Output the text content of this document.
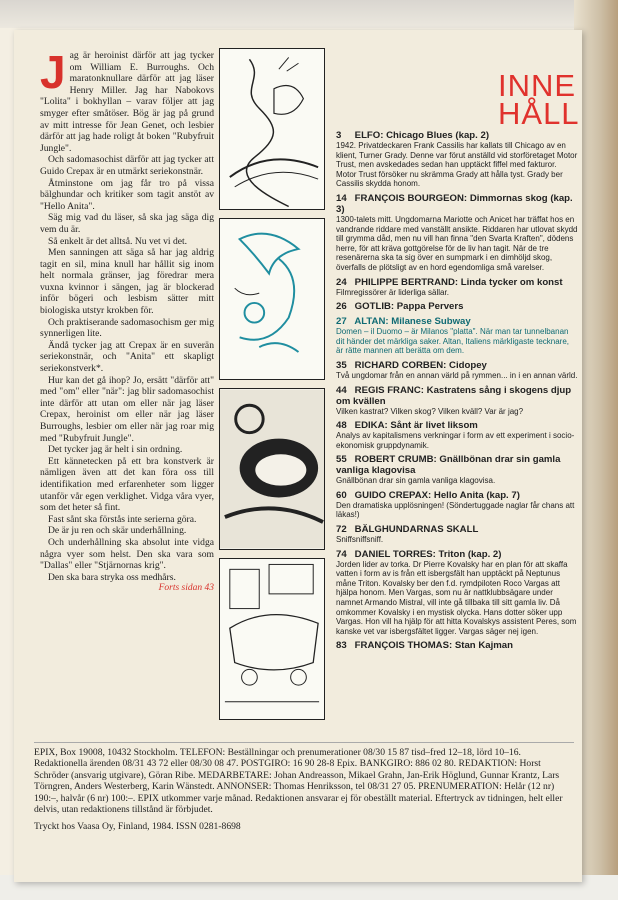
Jag är heroinist därför att jag tycker om William E. Burroughs. Och maratonknullare därför att jag läser Henry Miller. Jag har Nabokovs "Lolita" i bokhyllan – varav följer att jag smyger efter småtöser. Bög är jag på grund av mitt intresse för Jean Genet, och lesbier därför att jag hade roligt åt boken "Rubyfruit Jungle".

Och sadomasochist därför att jag tycker att Guido Crepax är en utmärkt seriekonstnär.

Åtminstone om jag får tro på vissa bälghundar och kritiker som tagit anstöt av "Hello Anita".

Säg mig vad du läser, så ska jag säga dig vem du är.

Så enkelt är det alltså. Nu vet vi det.

Men sanningen att säga så har jag aldrig tagit en sil, mina knull har hållit sig inom helt normala gränser, jag föredrar mera vuxna kvinnor i sängen, jag är blockerad inför bögeri och lesbism sätter mitt biologiska utstyr krokben för.

Och praktiserande sadomasochism ger mig synnerligen lite.

Ändå tycker jag att Crepax är en suverän seriekonstnär, och "Anita" ett skapligt seriekonstverk*.

Hur kan det gå ihop? Jo, ersätt "därför att" med "om" eller "när": jag blir sadomasochist inte därför att utan om eller när jag läser Crepax, heroinist om eller när jag läser Burroughs, lesbier om eller när jag roar mig med "Rubyfruit Jungle".

Det tycker jag är helt i sin ordning.

Ett kännetecken på ett bra konstverk är nämligen även att det kan föra oss till identifikation med erfarenheter som ligger utanför vår egen verklighet. Vidga våra vyer, som det heter så fint.

Fast sånt ska förstås inte serierna göra.

De är ju ren och skär underhållning.

Och underhållning ska absolut inte vidga några vyer som helst. Den ska vara som "Dallas" eller "Stjärnornas krig".

Den ska bara stryka oss medhårs.

Forts sidan 43
INNE
HÅLL
3 ELFO: Chicago Blues (kap. 2)
1942. Privatdeckaren Frank Cassilis har kallats till Chicago av en klient, Turner Grady. Denne var förut anställd vid storföretaget Motor Trust, men avskedades sedan han upptäckt fiffel med fakturor. Motor Trust försöker nu skrämma Grady att hålla tyst. Grady ber Cassilis skydda honom.
14 FRANÇOIS BOURGEON: Dimmornas skog (kap. 3)
1300-talets mitt. Ungdomarna Mariotte och Anicet har träffat hos en vandrande riddare med vanställt ansikte. Riddaren har utlovat skydd till grymma dåd, men nu vill han finna "den Svarta Kraften", dödens herre, för att kräva gottgörelse för de liv han tagit. När de tre resenärerna ska ta sig över en sumpmark i en dimhöljd skog, överfalls de plötsligt av en hord egendomliga små varelser.
24 PHILIPPE BERTRAND: Linda tycker om konst
Filmregissörer är liderliga sällar.
26 GOTLIB: Pappa Pervers
27 ALTAN: Milanese Subway
Domen – il Duomo – är Milanos "platta". När man tar tunnelbanan dit händer det märkliga saker. Altan, Italiens märkligaste tecknare, är rätte mannen att berätta om dem.
35 RICHARD CORBEN: Cidopey
Två ungdomar från en annan värld på rymmen... in i en annan värld.
44 REGIS FRANC: Kastratens sång i skogens djup om kvällen
Vilken kastrat? Vilken skog? Vilken kväll? Var är jag?
48 EDIKA: Sånt är livet liksom
Analys av kapitalismens verkningar i form av ett experiment i socio-ekonomisk gruppdynamik.
55 ROBERT CRUMB: Gnällbönan drar sin gamla vanliga klagovisa
Gnällbönan drar sin gamla vanliga klagovisa.
60 GUIDO CREPAX: Hello Anita (kap. 7)
Den dramatiska upplösningen! (Söndertuggade naglar får chans att läkas!)
72 BÄLGHUNDARNAS SKALL
Sniffsniffsniff.
74 DANIEL TORRES: Triton (kap. 2)
Jorden lider av torka. Dr Pierre Kovalsky har en plan för att skaffa vatten i form av is från ett isbergsfält han upptäckt på Neptunus måne Triton. Kovalsky ber den f.d. rymdpiloten Roco Vargas att hjälpa honom. Men Vargas, som nu är nattklubbsägare under namnet Armando Mistral, vill inte gå tillbaka till sitt gamla liv. Då omkommer Kovalsky i en mystisk olycka. Hans dotter söker upp Vargas. Hon vill ha hjälp för att hitta Kovalskys assistent Peres, som kanske vet var isbergsfältet ligger. Vargas säger nej igen.
83 FRANÇOIS THOMAS: Stan Kajman
EPIX, Box 19008, 10432 Stockholm. TELEFON: Beställningar och prenumerationer 08/30 15 87 tisd–fred 12–18, lörd 10–16. Redaktionella ärenden 08/31 43 72 eller 08/30 08 47. POSTGIRO: 16 90 28-8 Epix. BANKGIRO: 886 02 80. REDAKTION: Horst Schröder (ansvarig utgivare), Göran Ribe. MEDARBETARE: Johan Andreasson, Mikael Grahn, Jan-Erik Höglund, Gunnar Krantz, Lars Törngren, Anders Westerberg, Karin Wänstedt. ANNONSER: Thomas Henriksson, tel 08/31 27 05. PRENUMERATION: Helår (12 nr) 190:–, halvår (6 nr) 100:–. EPIX utkommer varje månad. Redaktionen ansvarar ej för obeställt material. Eftertryck av tidningen, helt eller delvis, utan redaktionens tillstånd är förbjudet.
Tryckt hos Vaasa Oy, Finland, 1984. ISSN 0281-8698
